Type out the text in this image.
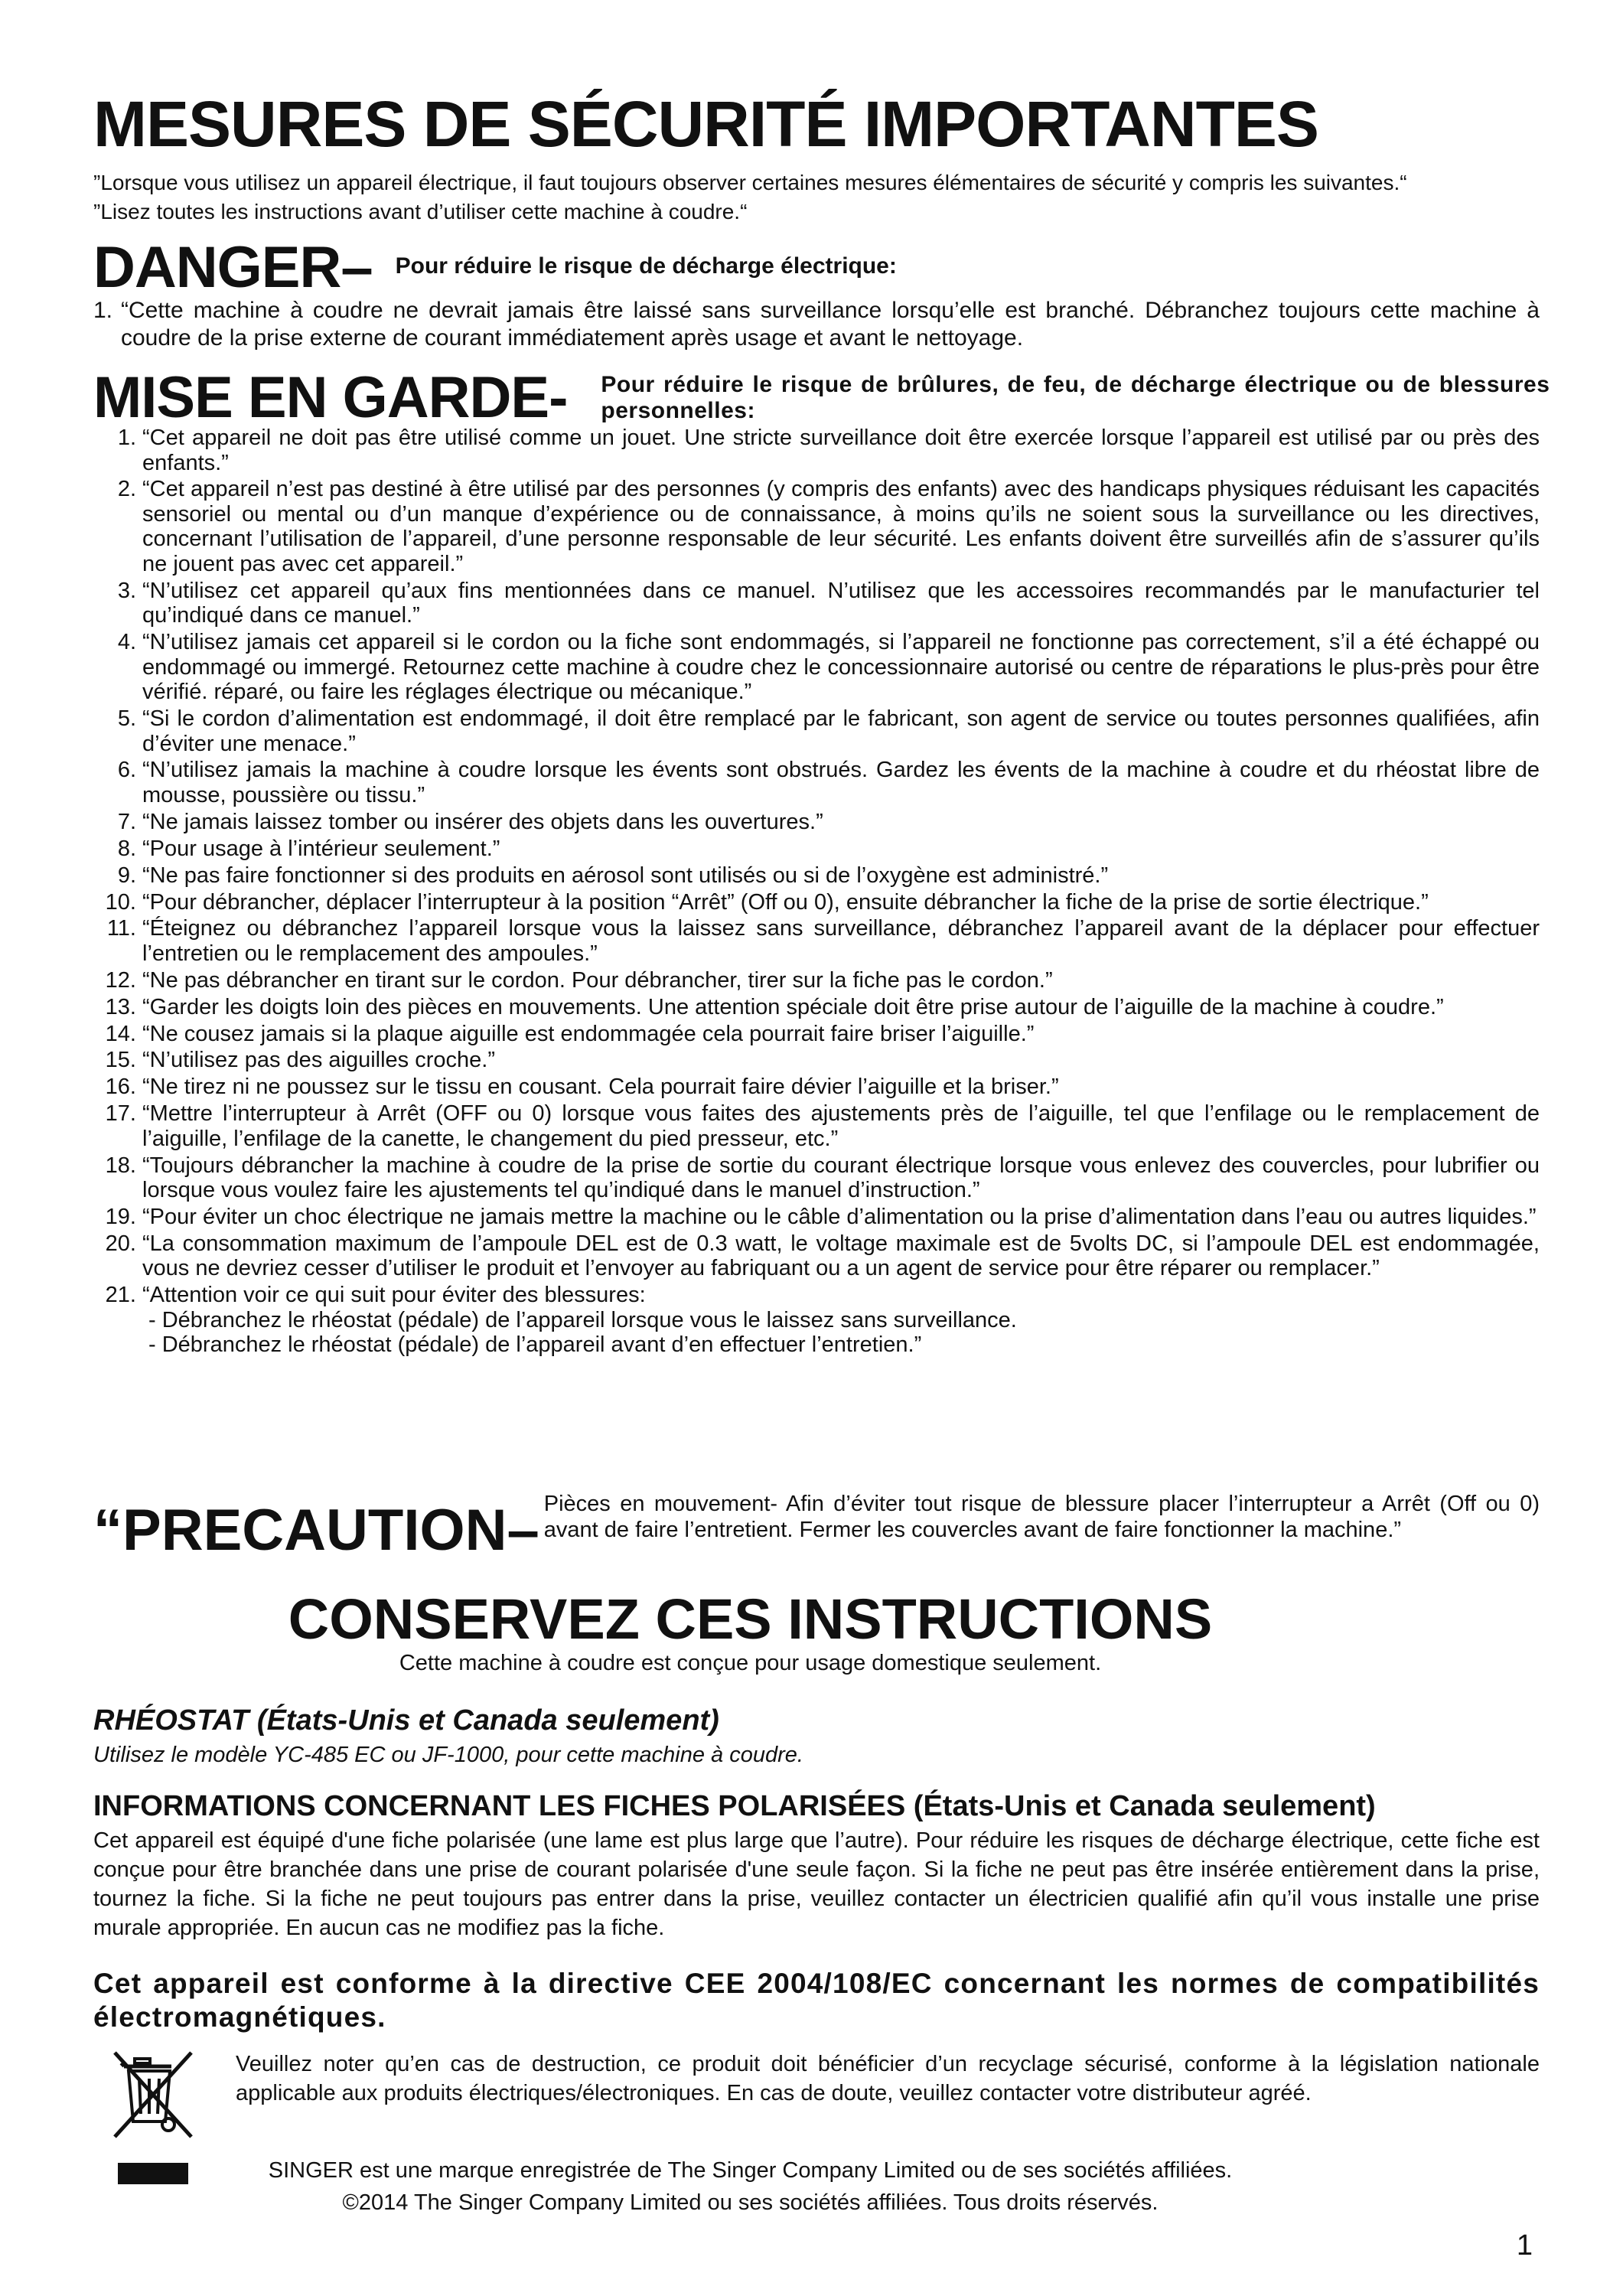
MESURES DE SÉCURITÉ IMPORTANTES
”Lorsque vous utilisez un appareil électrique, il faut toujours observer certaines mesures élémentaires de sécurité y compris les suivantes.“
”Lisez toutes les instructions avant d’utiliser cette machine à coudre.“
DANGER – Pour réduire le risque de décharge électrique:
1. “Cette machine à coudre ne devrait jamais être laissé sans surveillance lorsqu’elle est branché. Débranchez toujours cette machine à coudre de la prise externe de courant immédiatement après usage et avant le nettoyage.
MISE EN GARDE- Pour réduire le risque de brûlures, de feu, de décharge électrique ou de blessures personnelles:
1. “Cet appareil ne doit pas être utilisé comme un jouet. Une stricte surveillance doit être exercée lorsque l’appareil est utilisé par ou près des enfants.”
2. “Cet appareil n’est pas destiné à être utilisé par des personnes (y compris des enfants) avec des handicaps physiques réduisant les capacités sensoriel ou mental ou d’un manque d’expérience ou de connaissance, à moins qu’ils ne soient sous la surveillance ou les directives, concernant l’utilisation de l’appareil, d’une personne responsable de leur sécurité. Les enfants doivent être surveillés afin de s’assurer qu’ils ne jouent pas avec cet appareil.”
3. “N’utilisez cet appareil qu’aux fins mentionnées dans ce manuel. N’utilisez que les accessoires recommandés par le manufacturier tel qu’indiqué dans ce manuel.”
4. “N’utilisez jamais cet appareil si le cordon ou la fiche sont endommagés, si l’appareil ne fonctionne pas correctement, s’il a été échappé ou endommagé ou immergé. Retournez cette machine à coudre chez le concessionnaire autorisé ou centre de réparations le plus-près pour être vérifié. réparé, ou faire les réglages électrique ou mécanique.”
5. “Si le cordon d’alimentation est endommagé, il doit être remplacé par le fabricant, son agent de service ou toutes personnes qualifiées, afin d’éviter une menace.”
6. “N’utilisez jamais la machine à coudre lorsque les évents sont obstrués. Gardez les évents de la machine à coudre et du rhéostat libre de mousse, poussière ou tissu.”
7. “Ne jamais laissez tomber ou insérer des objets dans les ouvertures.”
8. “Pour usage à l’intérieur seulement.”
9. “Ne pas faire fonctionner si des produits en aérosol sont utilisés ou si de l’oxygène est administré.”
10. “Pour débrancher, déplacer l’interrupteur à la position “Arrêt” (Off ou 0), ensuite débrancher la fiche de la prise de sortie électrique.”
11. “Éteignez ou débranchez l’appareil lorsque vous la laissez sans surveillance, débranchez l’appareil avant de la déplacer pour effectuer l’entretien ou le remplacement des ampoules.”
12. “Ne pas débrancher en tirant sur le cordon. Pour débrancher, tirer sur la fiche pas le cordon.”
13. “Garder les doigts loin des pièces en mouvements. Une attention spéciale doit être prise autour de l’aiguille de la machine à coudre.”
14. “Ne cousez jamais si la plaque aiguille est endommagée cela pourrait faire briser l’aiguille.”
15. “N’utilisez pas des aiguilles croche.”
16. “Ne tirez ni ne poussez sur le tissu en cousant. Cela pourrait faire dévier l’aiguille et la briser.”
17. “Mettre l’interrupteur à Arrêt (OFF ou 0) lorsque vous faites des ajustements près de l’aiguille, tel que l’enfilage ou le remplacement de l’aiguille, l’enfilage de la canette, le changement du pied presseur, etc.”
18. “Toujours débrancher la machine à coudre de la prise de sortie du courant électrique lorsque vous enlevez des couvercles, pour lubrifier ou lorsque vous voulez faire les ajustements tel qu’indiqué dans le manuel d’instruction.”
19. “Pour éviter un choc électrique ne jamais mettre la machine ou le câble d’alimentation ou la prise d’alimentation dans l’eau ou autres liquides.”
20. “La consommation maximum de l’ampoule DEL est de 0.3 watt, le voltage maximale est de 5volts DC, si l’ampoule DEL est endommagée, vous ne devriez cesser d’utiliser le produit et l’envoyer au fabriquant ou a un agent de service pour être réparer ou remplacer.”
21. “Attention voir ce qui suit pour éviter des blessures:
- Débranchez le rhéostat (pédale) de l’appareil lorsque vous le laissez sans surveillance.
- Débranchez le rhéostat (pédale) de l’appareil avant d’en effectuer l’entretien.”
“PRECAUTION– Pièces en mouvement- Afin d’éviter tout risque de blessure placer l’interrupteur a Arrêt (Off ou 0) avant de faire l’entretient. Fermer les couvercles avant de faire fonctionner la machine.”
CONSERVEZ CES INSTRUCTIONS
Cette machine à coudre est conçue pour usage domestique seulement.
RHÉOSTAT (États-Unis et Canada seulement)
Utilisez le modèle YC-485 EC ou JF-1000, pour cette machine à coudre.
INFORMATIONS CONCERNANT LES FICHES POLARISÉES (États-Unis et Canada seulement)
Cet appareil est équipé d'une fiche polarisée (une lame est plus large que l’autre). Pour réduire les risques de décharge électrique, cette fiche est conçue pour être branchée dans une prise de courant polarisée d'une seule façon. Si la fiche ne peut pas être insérée entièrement dans la prise, tournez la fiche. Si la fiche ne peut toujours pas entrer dans la prise, veuillez contacter un électricien qualifié afin qu’il vous installe une prise murale appropriée. En aucun cas ne modifiez pas la fiche.

Cet appareil est conforme à la directive CEE 2004/108/EC concernant les normes de compatibilités électromagnétiques.

Veuillez noter qu’en cas de destruction, ce produit doit bénéficier d’un recyclage sécurisé, conforme à la législation nationale applicable aux produits électriques/électroniques. En cas de doute, veuillez contacter votre distributeur agréé.
SINGER est une marque enregistrée de The Singer Company Limited ou de ses sociétés affiliées.
©2014 The Singer Company Limited ou ses sociétés affiliées. Tous droits réservés.
1
